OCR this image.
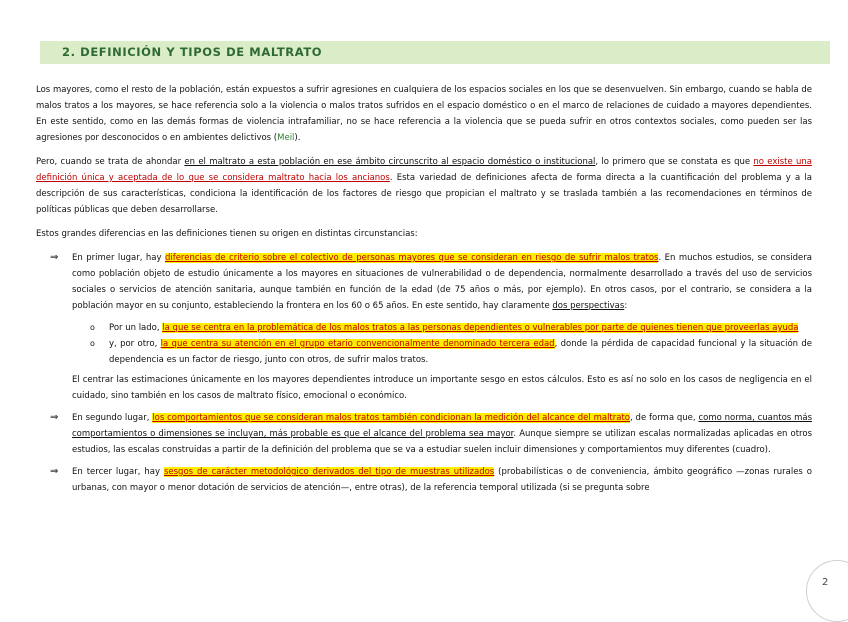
2. DEFINICIÓN Y TIPOS DE MALTRATO

Los mayores, como el resto de la población, están expuestos a sufrir agresiones en cualquiera de los espacios sociales en los que se desenvuelven. Sin embargo, cuando se habla de malos tratos a los mayores, se hace referencia solo a la violencia o malos tratos sufridos en el espacio doméstico o en el marco de relaciones de cuidado a mayores dependientes. En este sentido, como en las demás formas de violencia intrafamiliar, no se hace referencia a la violencia que se pueda sufrir en otros contextos sociales, como pueden ser las agresiones por desconocidos o en ambientes delictivos (Meil).

Pero, cuando se trata de ahondar en el maltrato a esta población en ese ámbito circunscrito al espacio doméstico o institucional, lo primero que se constata es que no existe una definición única y aceptada de lo que se considera maltrato hacia los ancianos. Esta variedad de definiciones afecta de forma directa a la cuantificación del problema y a la descripción de sus características, condiciona la identificación de los factores de riesgo que propician el maltrato y se traslada también a las recomendaciones en términos de políticas públicas que deben desarrollarse.

Estos grandes diferencias en las definiciones tienen su origen en distintas circunstancias:

⇒ En primer lugar, hay diferencias de criterio sobre el colectivo de personas mayores que se consideran en riesgo de sufrir malos tratos. En muchos estudios, se considera como población objeto de estudio únicamente a los mayores en situaciones de vulnerabilidad o de dependencia, normalmente desarrollado a través del uso de servicios sociales o servicios de atención sanitaria, aunque también en función de la edad (de 75 años o más, por ejemplo). En otros casos, por el contrario, se considera a la población mayor en su conjunto, estableciendo la frontera en los 60 o 65 años. En este sentido, hay claramente dos perspectivas:
o Por un lado, la que se centra en la problemática de los malos tratos a las personas dependientes o vulnerables por parte de quienes tienen que proveerlas ayuda
o y, por otro, la que centra su atención en el grupo etario convencionalmente denominado tercera edad, donde la pérdida de capacidad funcional y la situación de dependencia es un factor de riesgo, junto con otros, de sufrir malos tratos.
El centrar las estimaciones únicamente en los mayores dependientes introduce un importante sesgo en estos cálculos. Esto es así no solo en los casos de negligencia en el cuidado, sino también en los casos de maltrato físico, emocional o económico.
⇒ En segundo lugar, los comportamientos que se consideran malos tratos también condicionan la medición del alcance del maltrato, de forma que, como norma, cuantos más comportamientos o dimensiones se incluyan, más probable es que el alcance del problema sea mayor. Aunque siempre se utilizan escalas normalizadas aplicadas en otros estudios, las escalas construidas a partir de la definición del problema que se va a estudiar suelen incluir dimensiones y comportamientos muy diferentes (cuadro).
⇒ En tercer lugar, hay sesgos de carácter metodológico derivados del tipo de muestras utilizados (probabilísticas o de conveniencia, ámbito geográfico —zonas rurales o urbanas, con mayor o menor dotación de servicios de atención—, entre otras), de la referencia temporal utilizada (si se pregunta sobre
2
